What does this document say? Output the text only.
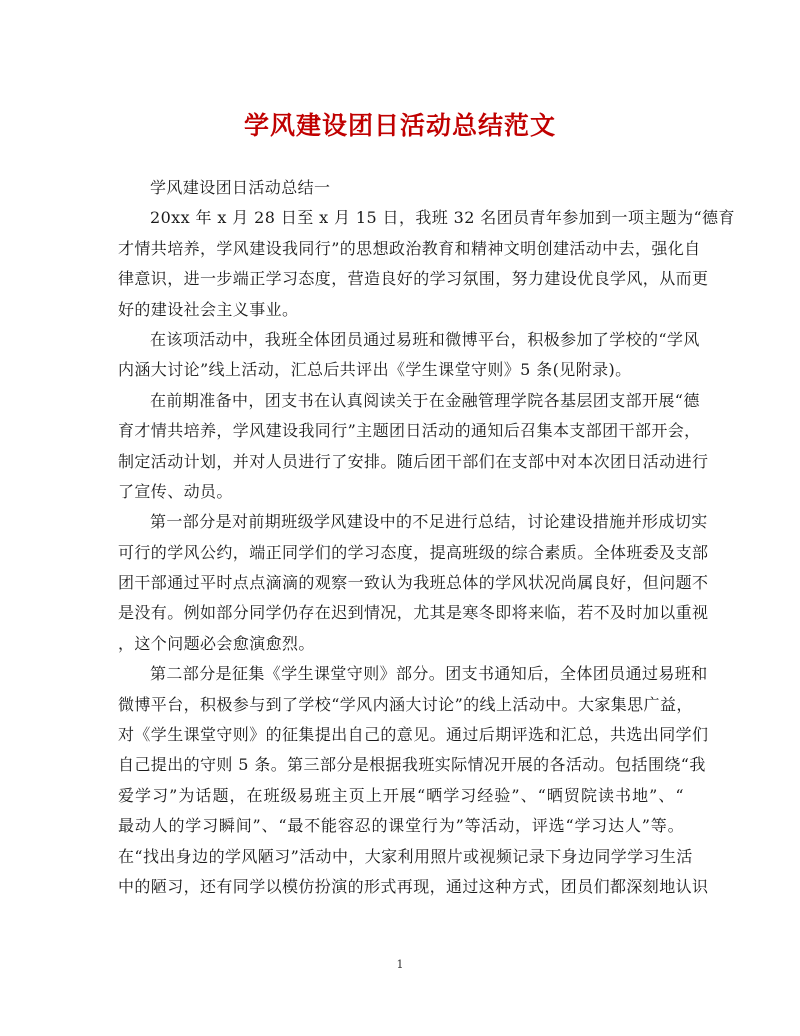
学风建设团日活动总结范文
学风建设团日活动总结一
20xx 年 x 月 28 日至 x 月 15 日，我班 32 名团员青年参加到一项主题为“德育
才情共培养，学风建设我同行”的思想政治教育和精神文明创建活动中去，强化自
律意识，进一步端正学习态度，营造良好的学习氛围，努力建设优良学风，从而更
好的建设社会主义事业。
在该项活动中，我班全体团员通过易班和微博平台，积极参加了学校的“学风
内涵大讨论”线上活动，汇总后共评出《学生课堂守则》5 条(见附录)。
在前期准备中，团支书在认真阅读关于在金融管理学院各基层团支部开展“德
育才情共培养，学风建设我同行”主题团日活动的通知后召集本支部团干部开会，
制定活动计划，并对人员进行了安排。随后团干部们在支部中对本次团日活动进行
了宣传、动员。
第一部分是对前期班级学风建设中的不足进行总结，讨论建设措施并形成切实
可行的学风公约，端正同学们的学习态度，提高班级的综合素质。全体班委及支部
团干部通过平时点点滴滴的观察一致认为我班总体的学风状况尚属良好，但问题不
是没有。例如部分同学仍存在迟到情况，尤其是寒冬即将来临，若不及时加以重视
，这个问题必会愈演愈烈。
第二部分是征集《学生课堂守则》部分。团支书通知后，全体团员通过易班和
微博平台，积极参与到了学校“学风内涵大讨论”的线上活动中。大家集思广益，
对《学生课堂守则》的征集提出自己的意见。通过后期评选和汇总，共选出同学们
自己提出的守则 5 条。第三部分是根据我班实际情况开展的各活动。包括围绕“我
爱学习”为话题，在班级易班主页上开展“晒学习经验”、“晒贸院读书地”、“
最动人的学习瞬间”、“最不能容忍的课堂行为”等活动，评选“学习达人”等。
在“找出身边的学风陋习”活动中，大家利用照片或视频记录下身边同学学习生活
中的陋习，还有同学以模仿扮演的形式再现，通过这种方式，团员们都深刻地认识
1
